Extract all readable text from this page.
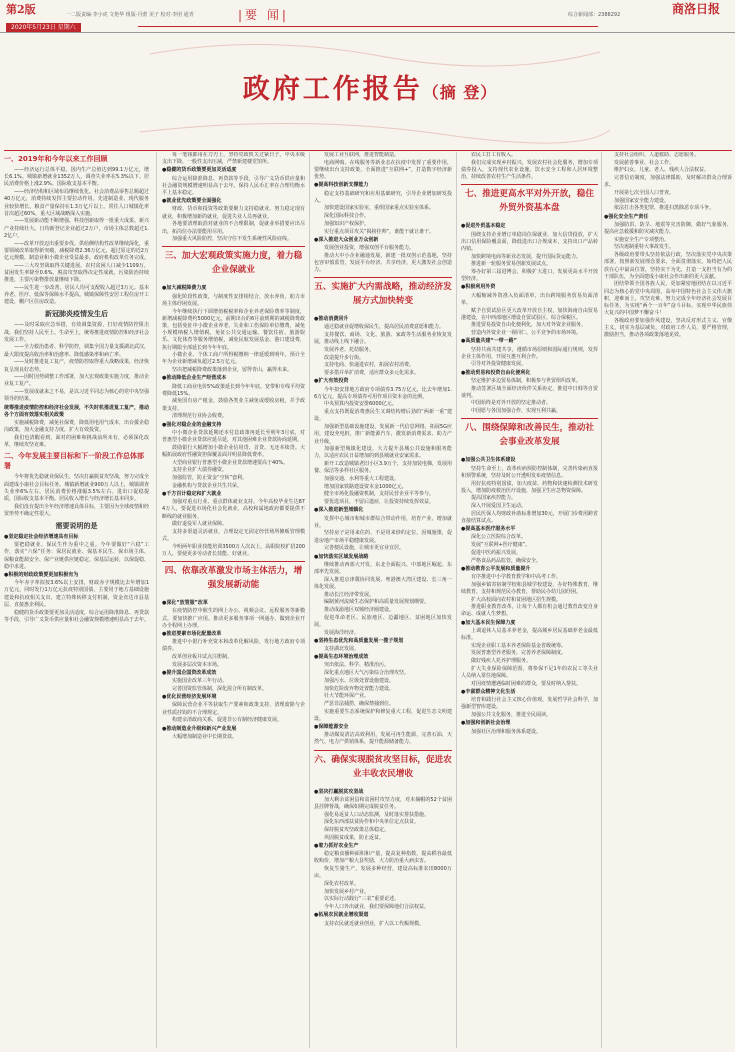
第2版	一二版责编·李小虎 文艳华 组版·丹蕾 美子 校对·李团 通青
2020年5月23日 星期六
|要 闻|	综合新闻部：2388292	商洛日报
政府工作报告（摘 登）
一、2019年和今年以来工作回顾
——经济运行总体平稳。国内生产总值达到99.1万亿元，增长6.1%。城镇新增就业1352万人，调查失业率在5.3%以下。居民消费价格上涨2.9%。国际收支基本平衡。
——经济结构和区域布局继续优化。社会消费品零售总额超过40万亿元，消费持续发挥主要拉动作用。先进制造业、现代服务业较快增长。粮食产量保持在1.3万亿斤以上。常住人口城镇化率首次超过60%，重大区域战略深入实施。
——发展新动能不断增强。科技创新取得一批重大成果。新兴产业持续壮大。日均新登记企业超过2万户，市场主体总数超过1.2亿户。
——改革开放迈出重要步伐。供给侧结构性改革继续深化，重要领域改革取得新突破，减税降费2.36万亿元，超过原定的近2万亿元规模。制造业和小微企业受益最多。政府机构改革任务完成。
——三大攻坚战取得关键进展。农村贫困人口减少1109万，贫困发生率降至0.6%。脱贫攻坚取得决定性成就。污染防治持续推进，主要污染物排放量继续下降。
——民生进一步改善。居民人均可支配收入超过3万元。基本养老、医疗、低保等保障水平提高。城镇保障性安居工程住房开工建设，棚户区住房改造。
新冠肺炎疫情发生后
——及时采取应急举措，有效调集资源，打好疫情防控阻击战。我们坚持人民至上、生命至上，统筹推进疫情防控和经济社会发展工作。
——全力救治患者、科学防控，调集全国力量支援湖北武汉，最大限度提高收治率和治愈率、降低感染率和病亡率。
——及时推进复工复产，疫情防控取得重大战略成果，经济恢复呈现良好态势。
——因时因势调整工作部署，加大宏观政策实施力度，推动企业复工复产。
——发展成就来之不易，是以习近平同志为核心的党中央坚强领导的结果。
统筹推进疫情防控和经济社会发展，不失时机推进复工复产，推动各个方面有效落实相关政策
实施减税降费，减免社保费，降低用电用气成本，出台援企稳岗政策，加大金融支持力度，扩大有效投资。
我们也清醒看到，面对的困难和挑战前所未有，必须深化改革，继续攻坚克难。
二、今年发展主要目标和下一阶段工作总体部署
今年将优先稳就业保民生，坚决打赢脱贫攻坚战，努力完成全面建成小康社会目标任务。城镇新增就业900万人以上，城镇调查失业率6%左右。居民消费价格涨幅3.5%左右。进出口促稳提质，国际收支基本平衡。居民收入增长与经济增长基本同步。
我们没有提出全年经济增速具体目标，主要因为全球疫情和经贸形势不确定性很大。
需要说明的是
●坚定稳定社会经济增速具有目标
要把稳就业、保民生作为重中之重。今年要做好“六稳”工作，落实“六保”任务：保居民就业、保基本民生、保市场主体、保粮食能源安全、保产业链供应链稳定、保基层运转，以保促稳、稳中求进。
●积极的财政政策要更加积极有为
今年赤字率拟按3.6%以上安排，财政赤字规模比去年增加1万亿元，同时发行1万亿元抗疫特别国债，主要用于地方基础设施建设和抗疫相关支出，建立特殊转移支付机制，资金直达市县基层、直接惠企利民。
稳健的货币政策要更加灵活适度，综合运用降准降息、再贷款等手段，引导广义货币供应量和社会融资规模增速明显高于去年。
每一笔钱都用在刀刃上，坚持党政机关过紧日子。中央本级支出下降，一般性支出压减，严禁新建楼堂馆所。
●稳健的货币政策要更加灵活适度
综合运用降准降息、再贷款等手段，引导广义货币供应量和社会融资规模增速明显高于去年。保持人民币汇率在合理均衡水平上基本稳定。
●就业优先政策要全面强化
财政、货币和投资等政策要聚力支持稳就业。努力稳定现有就业，积极增加新的就业，促进失业人员再就业。
各地要清理取消对就业的不合理限制，促就业举措要应出尽出，拓岗位办法要能用尽用。
加强重大风险防控，坚决守住不发生系统性风险底线。
三、加大宏观政策实施力度，着力稳企业保就业
●加大减税降费力度
强化阶段性政策，与制度性安排相结合，放水养鱼，助力市场主体纾困发展。
今年继续执行下调增值税税率和企业养老保险费率等制度，新增减税降费约5000亿元。前期出台的6月前到期的减税降费政策，包括免征中小微企业养老、失业和工伤保险单位缴费，减免小规模纳税人增值税，免征公共交通运输、餐饮住宿、旅游娱乐、文化体育等服务增值税，减免民航发展基金、港口建设费，执行期限全部延长到今年年底。
小微企业、个体工商户所得税缴纳一律延缓到明年。预计全年为企业新增减负超过2.5万亿元。
坚决把减税降费政策落到企业，留得青山，赢得未来。
●推动降低企业生产经营成本
降低工商业电价5%政策延长到今年年底。宽带和专线平均资费降低15%。
减免国有房产租金，鼓励各类业主减免或缓收房租，并予政策支持。
清理规范行业协会收费。
●强化对稳企业的金融支持
中小微企业贷款延期还本付息政策再延长至明年3月底，对普惠型小微企业贷款应延尽延，对其他困难企业贷款协商延期。
鼓励银行大幅增加小微企业信用贷、首贷、无还本续贷。大幅拓展政府性融资担保覆盖面并明显降低费率。
大型商业银行普惠型小微企业贷款增速要高于40%。
支持企业扩大债券融资。
加强监管，防止资金“空转”套利。
金融机构与贷款企业共生共荣。
●千方百计稳定和扩大就业
加强对重点行业、重点群体就业支持。今年高校毕业生达874万人，要促进市场化社会化就业，高校和属地政府都要提供不断线的就业服务。
做好退役军人就业保障。
支持多渠道灵活就业，合理设定无固定经营场所摊贩管理模式。
今明两年职业技能培训3500万人次以上，高职院校扩招200万人，要使更多劳动者长技能、好就业。
四、依靠改革激发市场主体活力，增强发展新动能
●深化“放管服”改革
在疫情防控中催生的网上办公、视频会议、远程服务等新模式，要加快推广应用。推动更多服务事项一网通办，做到企业开办全程网上办理。
●推进要素市场化配置改革
推进中小银行补充资本和改革化解风险，发行地方政府专项债券。
改革创业板并试点注册制。
发展多层次资本市场。
●提升国企国资改革成效
实施国企改革三年行动。
完善国资监管体制，深化混合所有制改革。
●优化民营经济发展环境
保障民营企业平等获取生产要素和政策支持，清理废除与企业性质挂钩的不合理规定。
构建亲清政商关系，促进非公有制经济健康发展。
●推动制造业升级和新兴产业发展
大幅增加制造业中长期贷款。
发展工业互联网，推进智能制造。
电商网购、在线服务等新业态在抗疫中发挥了重要作用，要继续出台支持政策，全面推进“互联网+”，打造数字经济新优势。
●提高科技创新支撑能力
稳定支持基础研究和应用基础研究，引导企业增加研发投入。
加快建设国家实验室，重组国家重点实验室体系。
深化国际科技合作。
加强知识产权保护。
实行重点项目攻关“揭榜挂帅”，谁能干就让谁干。
●深入推进大众创业万众创新
发展创业投资，增强双创平台服务能力。
推动大中小企业融通发展，新建一批双创示范基地，坚持包容审慎监管，发展平台经济、共享经济，更大激发社会创造力。
五、实施扩大内需战略，推动经济发展方式加快转变
●推动消费回升
通过稳就业促增收保民生，提高居民消费意愿和能力。
支持餐饮、商场、文化、旅游、家政等生活服务业恢复发展，推动线上线下融合。
发展养老、托幼服务。
改造提升步行街。
支持电商、快递进农村，拓展农村消费。
要多措并举扩消费，适应群众多元化需求。
●扩大有效投资
今年拟安排地方政府专项债券3.75万亿元，比去年增加1.6万亿元，提高专项债券可用作项目资本金的比例。
中央预算内投资安排6000亿元。
重点支持既促消费惠民生又调结构增后劲的“两新一重”建设。
加强新型基础设施建设，发展新一代信息网络，拓展5G应用，建设充电桩，推广新能源汽车，激发新消费需求、助力产业升级。
加强新型城镇化建设，大力提升县城公共设施和服务能力，以适应农民日益增加的到县城就业安家需求。
新开工改造城镇老旧小区3.9万个，支持加装电梯，发展用餐、保洁等多样社区服务。
加强交通、水利等重大工程建设。
增加国家铁路建设资本金1000亿元。
健全市场化投融资机制，支持民营企业平等参与。
要优选项目，不留后遗症，让投资持续发挥效益。
●深入推进新型城镇化
发挥中心城市和城市群综合带动作用，培育产业、增加就业。
坚持房子是用来住的、不是用来炒的定位，因城施策，促进房地产市场平稳健康发展。
完善便民设施，让城市更宜业宜居。
●加快落实区域发展战略
继续推动西部大开发、东北全面振兴、中部地区崛起、东部率先发展。
深入推进京津冀协同发展、粤港澳大湾区建设、长三角一体化发展。
推动长江经济带发展。
编制黄河流域生态保护和高质量发展规划纲要。
推动成渝地区双城经济圈建设。
促进革命老区、民族地区、边疆地区、贫困地区加快发展。
发展海洋经济。
●坚持生态优先和高质量发展一揽子规划
支持湖北发展。
●提高生态环境治理成效
突出依法、科学、精准治污。
深化重点地区大气污染综合治理攻坚。
加强污水、垃圾处置设施建设。
加快危险废弃物处置能力建设。
壮大节能环保产业。
严惩非法捕捞，确保禁捕到位。
实施重要生态系统保护和修复重大工程，促进生态文明建设。
●保障能源安全
推动煤炭清洁高效利用，发展可再生能源，完善石油、天然气、电力产供销体系，提升能源储备能力。
六、确保实现脱贫攻坚目标，促进农业丰收农民增收
●坚决打赢脱贫攻坚战
加大剩余贫困县和贫困村攻坚力度，对未摘帽的52个贫困县挂牌督战，确保如期完成脱贫任务。
强化易返贫人口动态监测，及时落实帮扶措施。
深化东西部扶贫协作和中央单位定点扶贫。
保持脱贫攻坚政策总体稳定。
巩固脱贫成果，防止返贫。
●着力抓好农业生产
稳定粮食播种面积和产量，提高复种指数，提高稻谷最低收购价，增加产粮大县奖励，大力防治重大病虫害。
恢复生猪生产，发展多种经营，建设高标准农田8000万亩。
深化农村改革。
加快发展乡村产业。
以实际行动践行“三农”重要论述。
今年人口外出就业，我们要保障他们合法权益。
●拓展农民就业增收渠道
支持农民就近就业创业，扩大以工代赈规模。
农民工打工有收入。
我们完成实现乡村振兴，发展农村社会化服务，增加专项债券投入，支持现代农业设施、饮水安全工程和人居环境整治，持续改善农村生产生活条件。
七、推进更高水平对外开放，稳住外贸外资基本盘
●促进外贸基本稳定
围绕支持企业增订单稳岗位保就业，加大信贷投放，扩大出口信用保险覆盖面，降低进出口合规成本，支持出口产品转内销。
加快跨境电商等新业态发展，提升国际货运能力。
推进新一轮服务贸易创新发展试点。
筹办好第三届进博会，积极扩大进口，发展更高水平开放型经济。
●积极利用外资
大幅缩减外资准入负面清单，出台跨境服务贸易负面清单。
赋予自贸试验区更大改革开放自主权，加快海南自由贸易港建设，在中西部地区增设自贸试验区、综合保税区。
推进贸易投资自由化便利化，加大对外资企业服务。
营造内外资企业一视同仁、公平竞争的市场环境。
●高质量共建“一带一路”
坚持共商共建共享，遵循市场原则和国际通行规则，发挥企业主体作用，开展互惠互利合作。
引导对外投资健康发展。
●推动贸易和投资自由化便利化
坚定维护多边贸易体制，积极参与世贸组织改革。
推动签署区域全面经济伙伴关系协定，推进中日韩等自贸谈判。
中国始终是对外开放的坚定推动者。
中国愿与各国加强合作，实现互利共赢。
八、围绕保障和改善民生，推动社会事业改革发展
●加强公共卫生体系建设
坚持生命至上，改革疾病预防控制体制，完善传染病直报和预警系统，坚持及时公开透明发布疫情信息。
用好抗疫特别国债，加大疫苗、药物和快速检测技术研发投入，增加防疫救治医疗设施，加强卫生应急物资保障。
提高国家疾控能力。
深入开展爱国卫生运动。
居民医保人均财政补助标准增加30元，开展门诊费用跨省直接结算试点。
●提高基本医疗服务水平
深化公立医院综合改革。
发展“互联网+医疗健康”。
促进中医药振兴发展。
严格食品药品监管，确保安全。
●推动教育公平发展和质量提升
有序推进中小学教育教学和中高考工作。
加强乡镇寄宿制学校和县城学校建设，办好特殊教育，继续教育，支持和规范民办教育，帮助民办幼儿园纾困。
扩大高校面向农村和贫困地区招生规模。
推进职业教育改革，让每个人都有机会通过教育改变自身命运、成就人生梦想。
●加大基本民生保障力度
上调退休人员基本养老金，提高城乡居民基础养老金最低标准。
实现企业职工基本养老保险基金省级统筹。
发展普惠型养老服务，完善养老保障制度。
做好残疾人托养护理服务。
扩大失业保险保障范围，将参保不足1年的农民工等失业人员纳入常住地保障。
对因疫情遭遇临时困难的群众，要及时纳入帮扶。
●丰富群众精神文化生活
培育和践行社会主义核心价值观，发展哲学社会科学，加强新型智库建设。
加强公共文化服务，推进全民阅读。
●加强和创新社会治理
加强社区治理和服务体系建设。
支持社会组织、人道救助、志愿服务。
发展慈善事业、社会工作。
维护妇女、儿童、老人、残疾人合法权益。
完善信访制度，加强法律援助，及时解决群众合理诉求。
开展第七次全国人口普查。
加强国家安全能力建设。
依法打击各类犯罪，推进扫黑除恶专项斗争。
●强化安全生产责任
加强防洪、防旱、地震等灾害防御，做好气象服务，提高应急救援和防灾减灾能力。
实施安全生产专项整治。
坚决遏制重特大事故发生。
各级政府要带头坚持依法行政，坚决落实党中央决策部署，按照新发展理念要求，全面贯彻落实。始终把人民放在心中最高位置，坚持实干为先，打造一支担当有为的干部队伍，为全面建成小康社会作出新的更大贡献。
团结带领全国各族人民，更加紧密地团结在以习近平同志为核心的党中央周围，高举中国特色社会主义伟大旗帜，迎难而上，攻坚克难，努力完成全年经济社会发展目标任务，为实现“两个一百年”奋斗目标、实现中华民族伟大复兴的中国梦不懈奋斗！
各级政府要加强作风建设，坚决反对形式主义、官僚主义，切实为基层减负，对政府工作人员，要严格管理，激励担当，推动各项政策落地见效。
